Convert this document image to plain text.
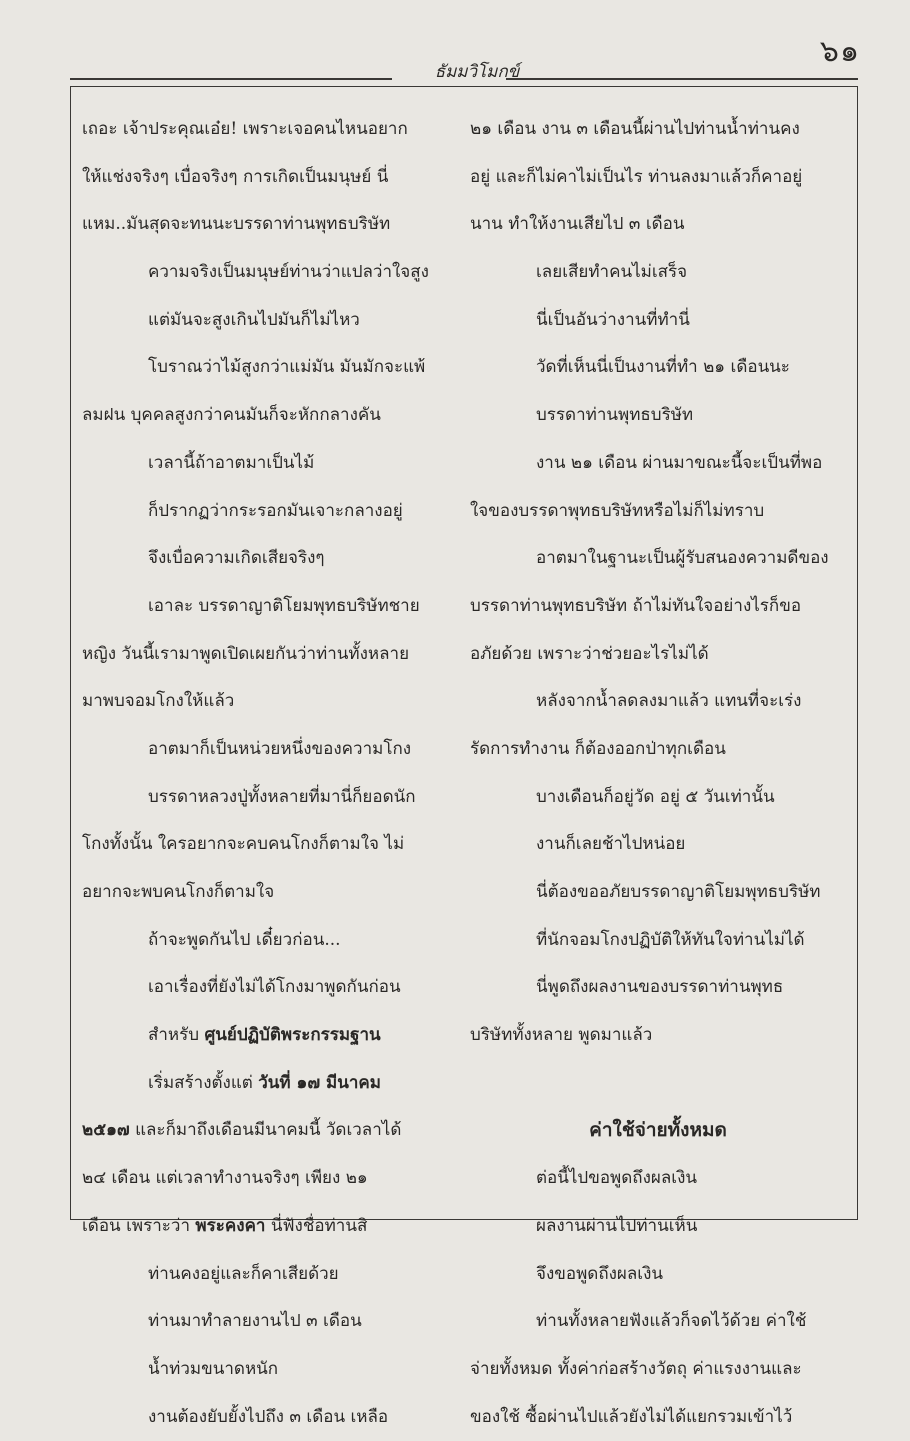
๖๑
ธัมมวิโมกข์
เถอะ เจ้าประคุณเอ๋ย! เพราะเจอคนไหนอยาก
ให้แช่งจริงๆ เบื่อจริงๆ การเกิดเป็นมนุษย์ นี่
แหม..มันสุดจะทนนะบรรดาท่านพุทธบริษัท
ความจริงเป็นมนุษย์ท่านว่าแปลว่าใจสูง
แต่มันจะสูงเกินไปมันก็ไม่ไหว
โบราณว่าไม้สูงกว่าแม่มัน มันมักจะแพ้
ลมฝน บุคคลสูงกว่าคนมันก็จะหักกลางคัน
เวลานี้ถ้าอาตมาเป็นไม้
ก็ปรากฏว่ากระรอกมันเจาะกลางอยู่
จึงเบื่อความเกิดเสียจริงๆ
เอาละ บรรดาญาติโยมพุทธบริษัทชาย
หญิง วันนี้เรามาพูดเปิดเผยกันว่าท่านทั้งหลาย
มาพบจอมโกงให้แล้ว
อาตมาก็เป็นหน่วยหนึ่งของความโกง
บรรดาหลวงปู่ทั้งหลายที่มานี่ก็ยอดนัก
โกงทั้งนั้น ใครอยากจะคบคนโกงก็ตามใจ ไม่
อยากจะพบคนโกงก็ตามใจ
ถ้าจะพูดกันไป เดี๋ยวก่อน...
เอาเรื่องที่ยังไม่ได้โกงมาพูดกันก่อน
สำหรับ ศูนย์ปฏิบัติพระกรรมฐาน
เริ่มสร้างตั้งแต่ วันที่ ๑๗ มีนาคม
๒๕๑๗ และก็มาถึงเดือนมีนาคมนี้ วัดเวลาได้
๒๔ เดือน แต่เวลาทำงานจริงๆ เพียง ๒๑
เดือน เพราะว่า พระคงคา นี่ฟังชื่อท่านสิ
ท่านคงอยู่และก็คาเสียด้วย
ท่านมาทำลายงานไป ๓ เดือน
น้ำท่วมขนาดหนัก
งานต้องยับยั้งไปถึง ๓ เดือน เหลือ
๒๑ เดือน งาน ๓ เดือนนี้ผ่านไปท่านน้ำท่านคง
อยู่ และก็ไม่คาไม่เป็นไร ท่านลงมาแล้วก็คาอยู่
นาน ทำให้งานเสียไป ๓ เดือน
เลยเสียทำคนไม่เสร็จ
นี่เป็นอันว่างานที่ทำนี่
วัดที่เห็นนี่เป็นงานที่ทำ ๒๑ เดือนนะ
บรรดาท่านพุทธบริษัท
งาน ๒๑ เดือน ผ่านมาขณะนี้จะเป็นที่พอ
ใจของบรรดาพุทธบริษัทหรือไม่ก็ไม่ทราบ
อาตมาในฐานะเป็นผู้รับสนองความดีของ
บรรดาท่านพุทธบริษัท ถ้าไม่ทันใจอย่างไรก็ขอ
อภัยด้วย เพราะว่าช่วยอะไรไม่ได้
หลังจากน้ำลดลงมาแล้ว แทนที่จะเร่ง
รัดการทำงาน ก็ต้องออกป่าทุกเดือน
บางเดือนก็อยู่วัด อยู่ ๕ วันเท่านั้น
งานก็เลยช้าไปหน่อย
นี่ต้องขออภัยบรรดาญาติโยมพุทธบริษัท
ที่นักจอมโกงปฏิบัติให้ทันใจท่านไม่ได้
นี่พูดถึงผลงานของบรรดาท่านพุทธ
บริษัททั้งหลาย พูดมาแล้ว
ค่าใช้จ่ายทั้งหมด
ต่อนี้ไปขอพูดถึงผลเงิน
ผลงานผ่านไปท่านเห็น
จึงขอพูดถึงผลเงิน
ท่านทั้งหลายฟังแล้วก็จดไว้ด้วย ค่าใช้
จ่ายทั้งหมด ทั้งค่าก่อสร้างวัตถุ ค่าแรงงานและ
ของใช้ ซื้อผ่านไปแล้วยังไม่ได้แยกรวมเข้าไว้
